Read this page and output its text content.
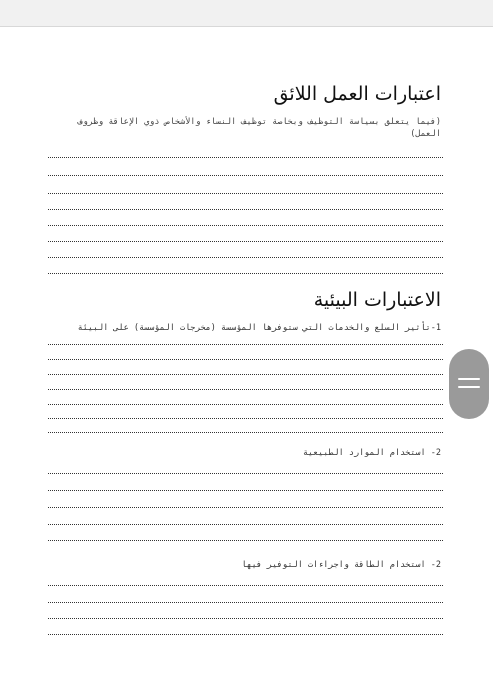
اعتبارات العمل اللائق
(فيما يتعلق بسياسة التوظيف وبخاصة توظيف النساء والأشخاص ذوي الإعاقة وظروف العمل)
الاعتبارات البيئية
1-تأثير السلع والخدمات التي ستوفرها المؤسسة (مخرجات المؤسسة) على البيئة
2- استخدام الموارد الطبيعية
2- استخدام الطاقة واجراءات التوفير فيها
